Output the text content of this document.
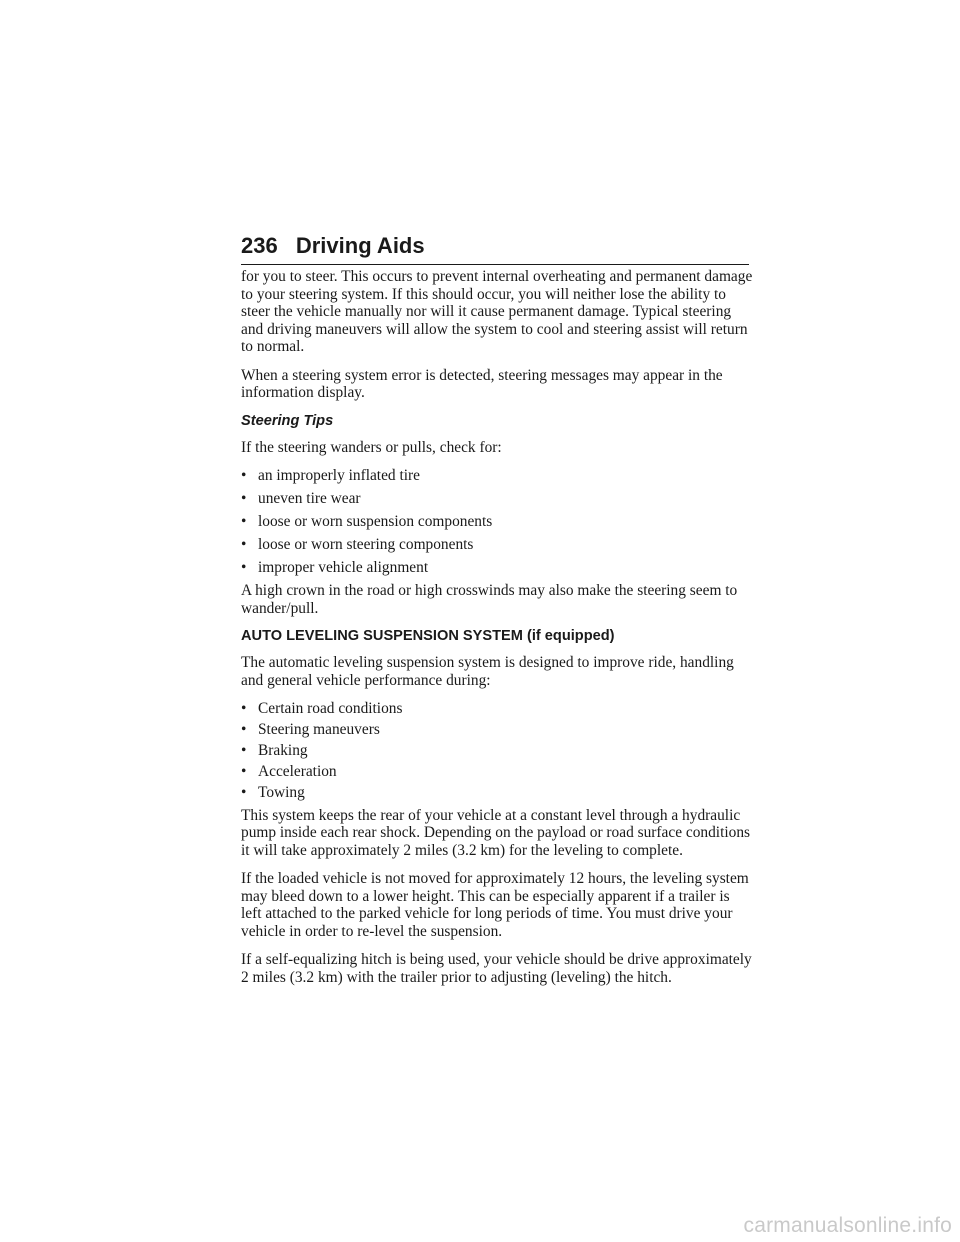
236 Driving Aids

for you to steer. This occurs to prevent internal overheating and permanent damage to your steering system. If this should occur, you will neither lose the ability to steer the vehicle manually nor will it cause permanent damage. Typical steering and driving maneuvers will allow the system to cool and steering assist will return to normal.

When a steering system error is detected, steering messages may appear in the information display.

Steering Tips

If the steering wanders or pulls, check for:

• an improperly inflated tire
• uneven tire wear
• loose or worn suspension components
• loose or worn steering components
• improper vehicle alignment

A high crown in the road or high crosswinds may also make the steering seem to wander/pull.

AUTO LEVELING SUSPENSION SYSTEM (if equipped)

The automatic leveling suspension system is designed to improve ride, handling and general vehicle performance during:

• Certain road conditions
• Steering maneuvers
• Braking
• Acceleration
• Towing

This system keeps the rear of your vehicle at a constant level through a hydraulic pump inside each rear shock. Depending on the payload or road surface conditions it will take approximately 2 miles (3.2 km) for the leveling to complete.

If the loaded vehicle is not moved for approximately 12 hours, the leveling system may bleed down to a lower height. This can be especially apparent if a trailer is left attached to the parked vehicle for long periods of time. You must drive your vehicle in order to re-level the suspension.

If a self-equalizing hitch is being used, your vehicle should be drive approximately 2 miles (3.2 km) with the trailer prior to adjusting (leveling) the hitch.

carmanualsonline.info
